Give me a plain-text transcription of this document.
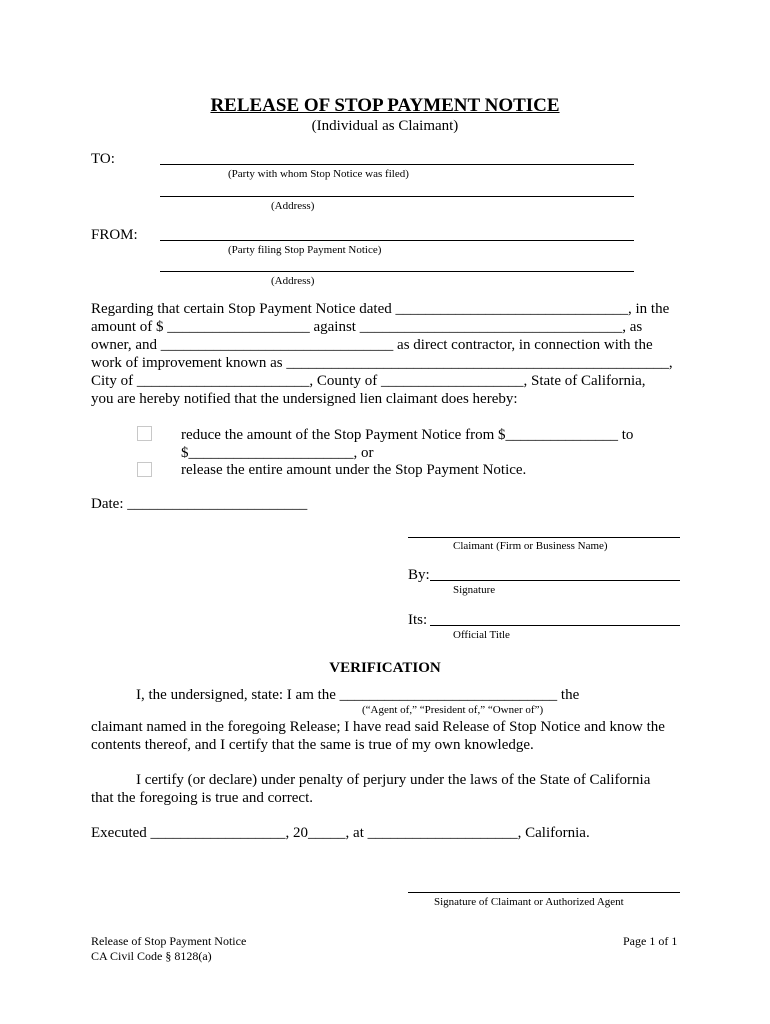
RELEASE OF STOP PAYMENT NOTICE
(Individual as Claimant)
TO:
(Party with whom Stop Notice was filed)
(Address)
FROM:
(Party filing Stop Payment Notice)
(Address)
Regarding that certain Stop Payment Notice dated _______________________________, in the
amount of $ ___________________ against ___________________________________, as
owner, and _______________________________ as direct contractor, in connection with the
work of improvement known as ___________________________________________________,
City of _______________________, County of ___________________, State of California,
you are hereby notified that the undersigned lien claimant does hereby:
reduce the amount of the Stop Payment Notice from $_______________ to
$______________________, or
release the entire amount under the Stop Payment Notice.
Date: ________________________
Claimant (Firm or Business Name)
By:
Signature
Its:
Official Title
VERIFICATION
I, the undersigned, state: I am the _____________________________ the
(“Agent of,” “President of,” “Owner of”)
claimant named in the foregoing Release; I have read said Release of Stop Notice and know the
contents thereof, and I certify that the same is true of my own knowledge.
I certify (or declare) under penalty of perjury under the laws of the State of California
that the foregoing is true and correct.
Executed __________________, 20_____, at ____________________, California.
Signature of Claimant or Authorized Agent
Release of Stop Payment Notice
CA Civil Code § 8128(a)
Page 1 of 1
